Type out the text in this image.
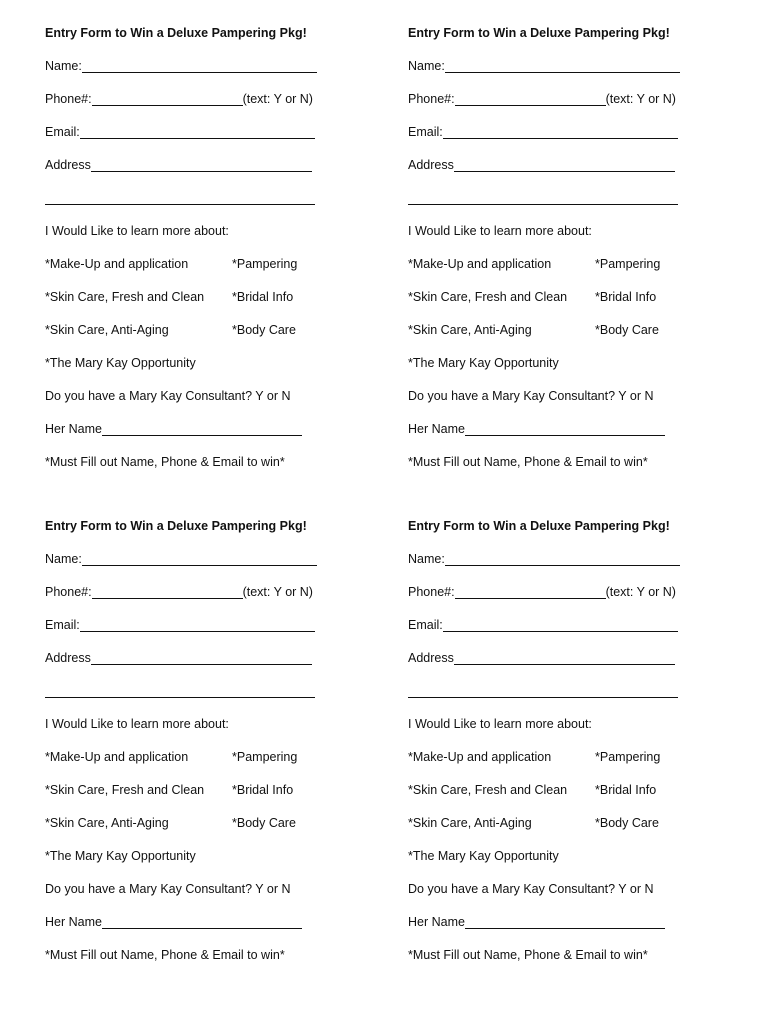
Entry Form to Win a Deluxe Pampering Pkg!
Name:
Phone#:	(text: Y or N)
Email:
Address
I Would Like to learn more about:
*Make-Up and application	*Pampering
*Skin Care, Fresh and Clean *Bridal Info
*Skin Care, Anti-Aging	*Body Care
*The Mary Kay Opportunity
Do you have a Mary Kay Consultant? Y or N
Her Name
*Must Fill out Name, Phone & Email to win*
Entry Form to Win a Deluxe Pampering Pkg!
Name:
Phone#:	(text: Y or N)
Email:
Address
I Would Like to learn more about:
*Make-Up and application	*Pampering
*Skin Care, Fresh and Clean *Bridal Info
*Skin Care, Anti-Aging	*Body Care
*The Mary Kay Opportunity
Do you have a Mary Kay Consultant? Y or N
Her Name
*Must Fill out Name, Phone & Email to win*
Entry Form to Win a Deluxe Pampering Pkg!
Name:
Phone#:	(text: Y or N)
Email:
Address
I Would Like to learn more about:
*Make-Up and application	*Pampering
*Skin Care, Fresh and Clean *Bridal Info
*Skin Care, Anti-Aging	*Body Care
*The Mary Kay Opportunity
Do you have a Mary Kay Consultant? Y or N
Her Name
*Must Fill out Name, Phone & Email to win*
Entry Form to Win a Deluxe Pampering Pkg!
Name:
Phone#:	(text: Y or N)
Email:
Address
I Would Like to learn more about:
*Make-Up and application	*Pampering
*Skin Care, Fresh and Clean *Bridal Info
*Skin Care, Anti-Aging	*Body Care
*The Mary Kay Opportunity
Do you have a Mary Kay Consultant? Y or N
Her Name
*Must Fill out Name, Phone & Email to win*
